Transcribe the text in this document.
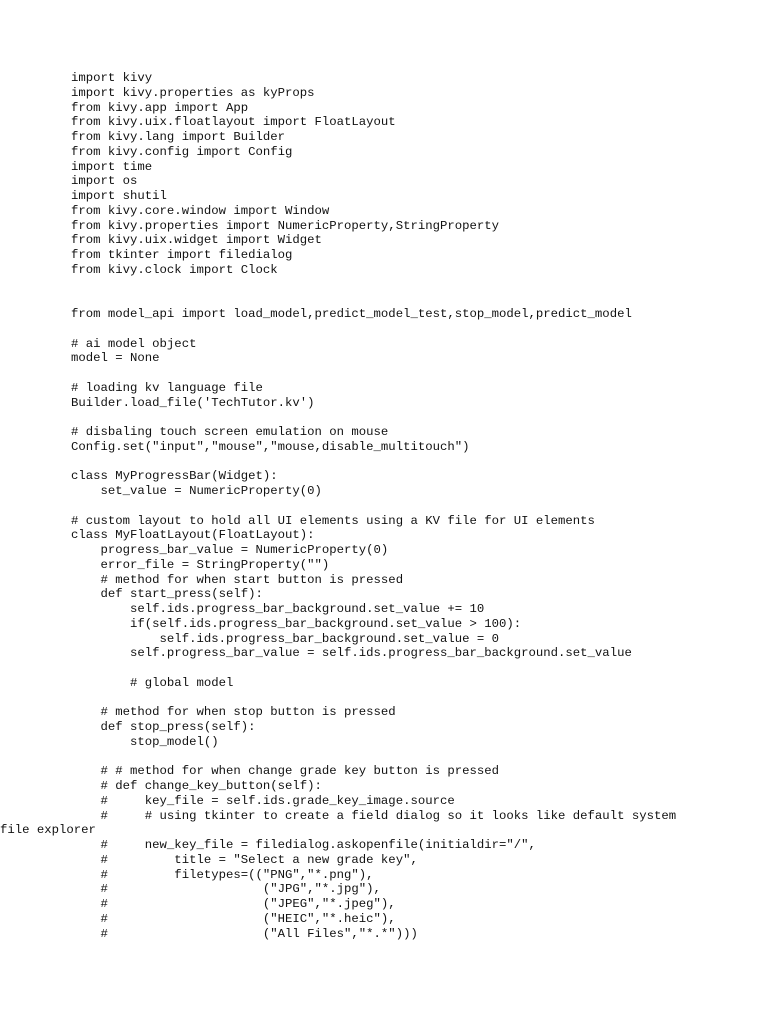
import kivy
import kivy.properties as kyProps
from kivy.app import App
from kivy.uix.floatlayout import FloatLayout
from kivy.lang import Builder
from kivy.config import Config
import time
import os
import shutil
from kivy.core.window import Window
from kivy.properties import NumericProperty,StringProperty
from kivy.uix.widget import Widget
from tkinter import filedialog
from kivy.clock import Clock
from model_api import load_model,predict_model_test,stop_model,predict_model
# ai model object
model = None
# loading kv language file
Builder.load_file('TechTutor.kv')
# disbaling touch screen emulation on mouse
Config.set("input","mouse","mouse,disable_multitouch")
class MyProgressBar(Widget):
set_value = NumericProperty(0)
# custom layout to hold all UI elements using a KV file for UI elements
class MyFloatLayout(FloatLayout):
progress_bar_value = NumericProperty(0)
error_file = StringProperty("")
# method for when start button is pressed
def start_press(self):
self.ids.progress_bar_background.set_value += 10
if(self.ids.progress_bar_background.set_value > 100):
self.ids.progress_bar_background.set_value = 0
self.progress_bar_value = self.ids.progress_bar_background.set_value
# global model
# method for when stop button is pressed
def stop_press(self):
stop_model()
# # method for when change grade key button is pressed
# def change_key_button(self):
#     key_file = self.ids.grade_key_image.source
#     # using tkinter to create a field dialog so it looks like default system
file explorer
#     new_key_file = filedialog.askopenfile(initialdir="/",
#         title = "Select a new grade key",
#         filetypes=(("PNG","*.png"),
#                     ("JPG","*.jpg"),
#                     ("JPEG","*.jpeg"),
#                     ("HEIC","*.heic"),
#                     ("All Files","*.*")))
